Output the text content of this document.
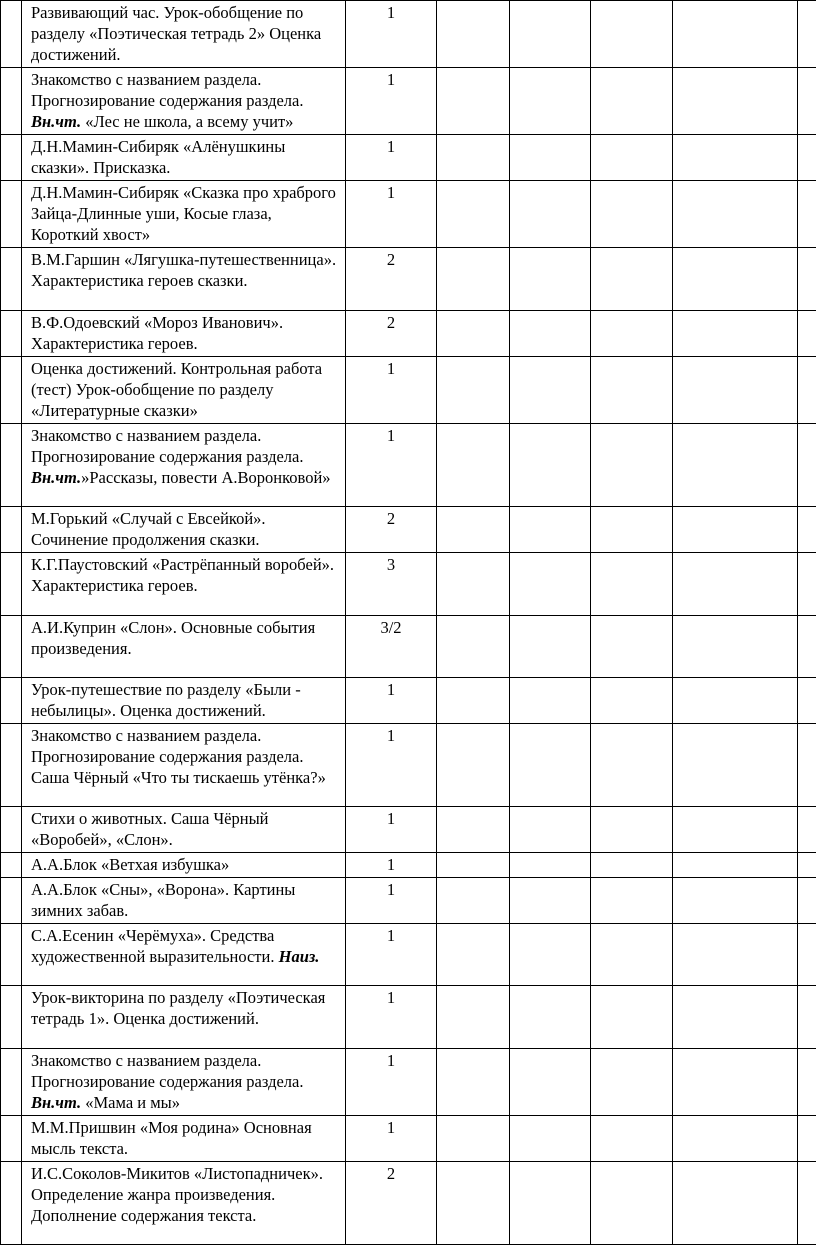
	Развивающий час. Урок-обобщение по разделу «Поэтическая тетрадь 2» Оценка достижений.	1					

	Знакомство с названием раздела. Прогнозирование содержания раздела. Вн.чт. «Лес не школа, а всему учит»	1					

	Д.Н.Мамин-Сибиряк «Алёнушкины сказки». Присказка.	1					

	Д.Н.Мамин-Сибиряк «Сказка про храброго Зайца-Длинные уши, Косые глаза, Короткий хвост»	1					

	В.М.Гаршин «Лягушка-путешественница». Характеристика героев сказки.	2					

	В.Ф.Одоевский «Мороз Иванович». Характеристика героев.	2					

	Оценка достижений. Контрольная работа (тест) Урок-обобщение по разделу «Литературные сказки»	1					

	Знакомство с названием раздела. Прогнозирование содержания раздела. Вн.чт.»Рассказы, повести А.Воронковой»	1					

	М.Горький «Случай с Евсейкой». Сочинение продолжения сказки.	2					

	К.Г.Паустовский «Растрёпанный воробей». Характеристика героев.	3					

	А.И.Куприн «Слон». Основные события произведения.	3/2					

	Урок-путешествие по разделу «Были - небылицы». Оценка достижений.	1					

	Знакомство с названием раздела. Прогнозирование содержания раздела. Саша Чёрный «Что ты тискаешь утёнка?»	1					

	Стихи о животных. Саша Чёрный «Воробей», «Слон».	1					

	А.А.Блок «Ветхая избушка»	1					

	А.А.Блок «Сны», «Ворона». Картины зимних забав.	1					

	С.А.Есенин «Черёмуха». Средства художественной выразительности. Наиз.	1					

	Урок-викторина по разделу «Поэтическая тетрадь 1». Оценка достижений.	1					

	Знакомство с названием раздела. Прогнозирование содержания раздела. Вн.чт. «Мама и мы»	1					

	М.М.Пришвин «Моя родина» Основная мысль текста.	1					

	И.С.Соколов-Микитов «Листопадничек». Определение жанра произведения. Дополнение содержания текста.	2					
